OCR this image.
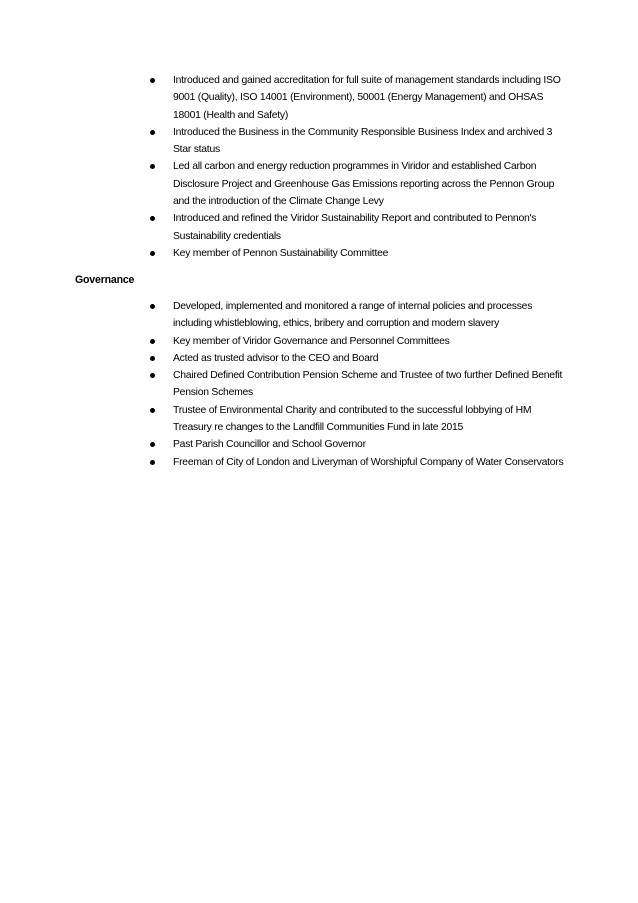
Introduced and gained accreditation for full suite of management standards including ISO 9001 (Quality), ISO 14001 (Environment), 50001 (Energy Management) and OHSAS 18001 (Health and Safety)
Introduced the Business in the Community Responsible Business Index and archived 3 Star status
Led all carbon and energy reduction programmes in Viridor and established Carbon Disclosure Project and Greenhouse Gas Emissions reporting across the Pennon Group and the introduction of the Climate Change Levy
Introduced and refined the Viridor Sustainability Report and contributed to Pennon's Sustainability credentials
Key member of Pennon Sustainability Committee
Governance
Developed, implemented and monitored a range of internal policies and processes including whistleblowing, ethics, bribery and corruption and modern slavery
Key member of Viridor Governance and Personnel Committees
Acted as trusted advisor to the CEO and Board
Chaired Defined Contribution Pension Scheme and Trustee of two further Defined Benefit Pension Schemes
Trustee of Environmental Charity and contributed to the successful lobbying of HM Treasury re changes to the Landfill Communities Fund in late 2015
Past Parish Councillor and School Governor
Freeman of City of London and Liveryman of Worshipful Company of Water Conservators
